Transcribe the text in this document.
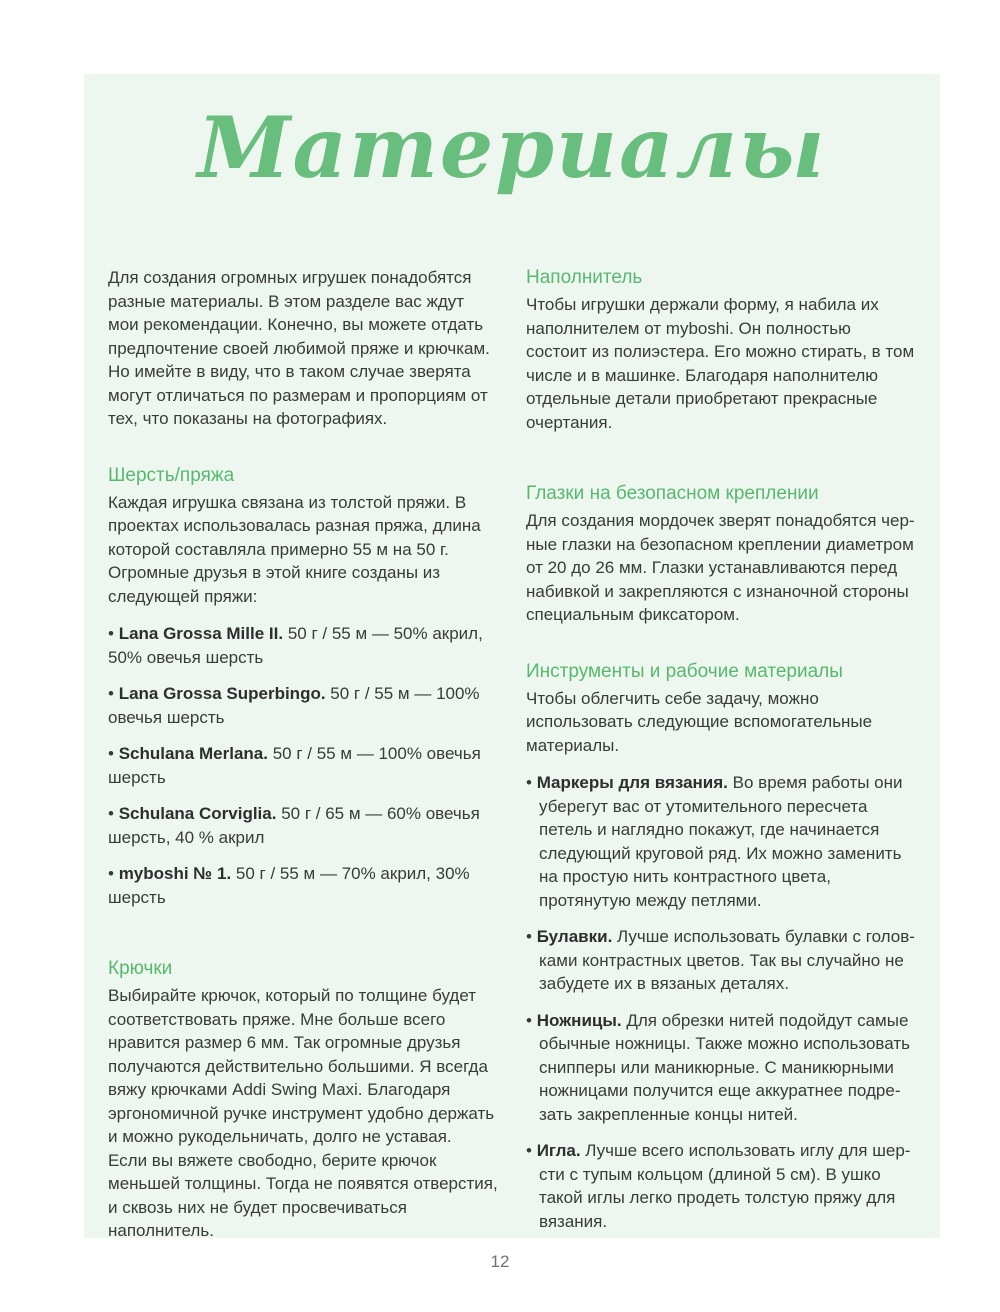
Материалы

Для создания огромных игрушек понадобятся разные материалы. В этом разделе вас ждут мои рекомендации. Конечно, вы можете отдать предпочтение своей любимой пряже и крючкам. Но имейте в виду, что в таком случае зверята могут отличаться по размерам и пропорциям от тех, что показаны на фотографиях.

Шерсть/пряжа

Каждая игрушка связана из толстой пряжи. В проектах использовалась разная пряжа, длина которой составляла примерно 55 м на 50 г. Огромные друзья в этой книге созданы из следующей пряжи:

• Lana Grossa Mille II. 50 г / 55 м — 50% акрил, 50% овечья шерсть
• Lana Grossa Superbingo. 50 г / 55 м — 100% овечья шерсть
• Schulana Merlana. 50 г / 55 м — 100% овечья шерсть
• Schulana Corviglia. 50 г / 65 м — 60% овечья шерсть, 40 % акрил
• myboshi № 1. 50 г / 55 м — 70% акрил, 30% шерсть
Крючки

Выбирайте крючок, который по толщине будет соответствовать пряже. Мне больше всего нравится размер 6 мм. Так огромные друзья получаются действительно большими. Я всегда вяжу крючками Addi Swing Maxi. Благодаря эргономичной ручке инструмент удобно держать и можно рукодельничать, долго не уставая.

Если вы вяжете свободно, берите крючок меньшей толщины. Тогда не появятся отверстия, и сквозь них не будет просвечиваться наполнитель.

Наполнитель

Чтобы игрушки держали форму, я набила их наполнителем от myboshi. Он полностью состоит из полиэстера. Его можно стирать, в том числе и в машинке. Благодаря наполнителю отдельные детали приобретают прекрасные очертания.

Глазки на безопасном креплении

Для создания мордочек зверят понадобятся черные глазки на безопасном креплении диаметром от 20 до 26 мм. Глазки устанавливаются перед набивкой и закрепляются с изнаночной стороны специальным фиксатором.

Инструменты и рабочие материалы

Чтобы облегчить себе задачу, можно использовать следующие вспомогательные материалы.

• Маркеры для вязания. Во время работы они уберегут вас от утомительного пересчета петель и наглядно покажут, где начинается следующий круговой ряд. Их можно заменить на простую нить контрастного цвета, протянутую между петлями.
• Булавки. Лучше использовать булавки с головками контрастных цветов. Так вы случайно не забудете их в вязаных деталях.
• Ножницы. Для обрезки нитей подойдут самые обычные ножницы. Также можно использовать снипперы или маникюрные. С маникюрными ножницами получится еще аккуратнее подрезать закрепленные концы нитей.
• Игла. Лучше всего использовать иглу для шерсти с тупым кольцом (длиной 5 см). В ушко такой иглы легко продеть толстую пряжу для вязания.
12
